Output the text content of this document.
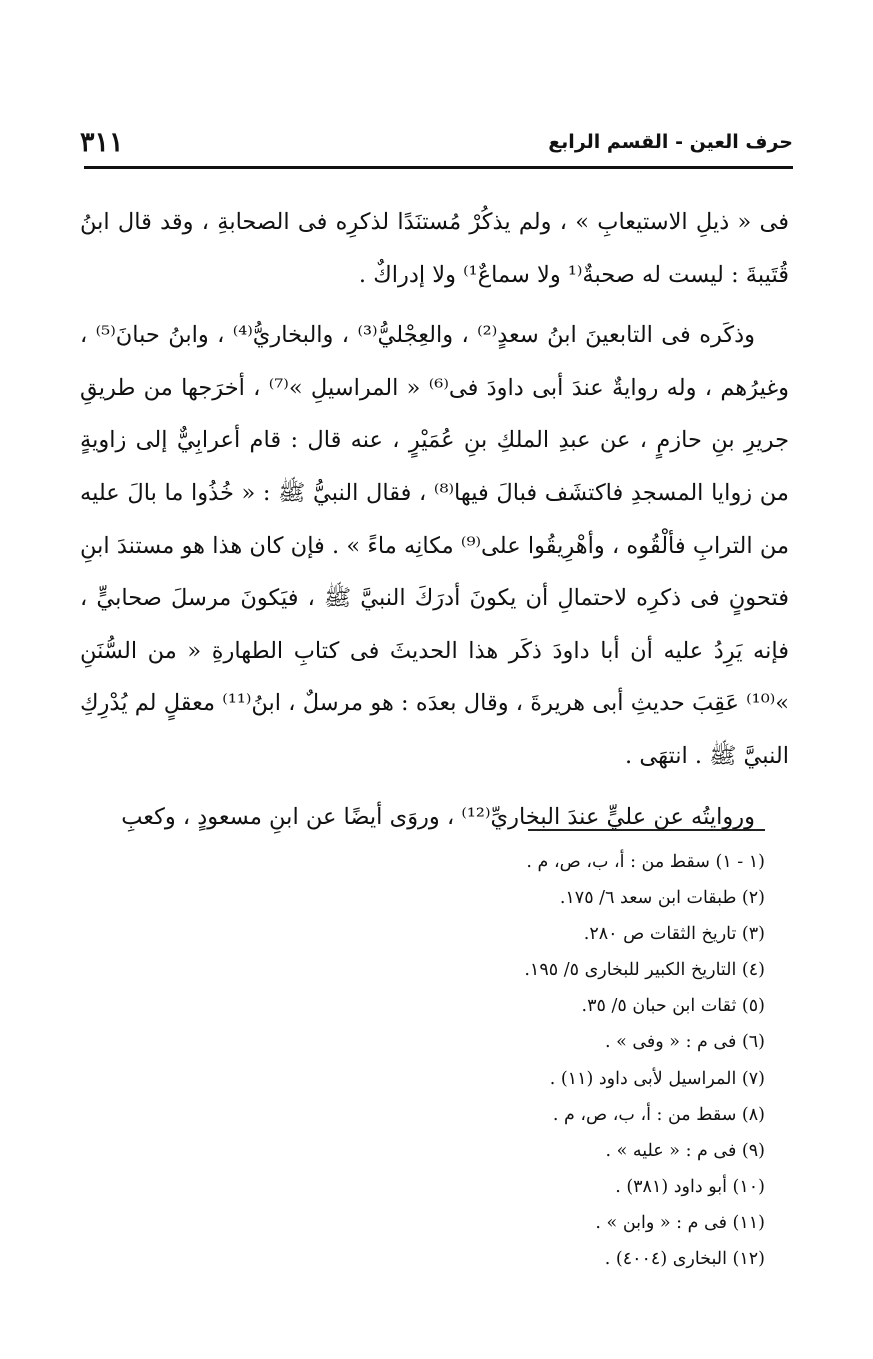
حرف العين - القسم الرابع
٣١١

فى « ذيلِ الاستيعابِ » ، ولم يذكُرْ مُستنَدًا لذكرِه فى الصحابةِ ، وقد قال ابنُ قُتَيبةَ : ليست له صحبةٌ⁽¹ ولا سماعٌ¹⁾ ولا إدراكٌ .

وذكَره فى التابعينَ ابنُ سعدٍ⁽²⁾ ، والعِجْليُّ⁽³⁾ ، والبخاريُّ⁽⁴⁾ ، وابنُ حبانَ⁽⁵⁾ ، وغيرُهم ، وله روايةٌ عندَ أبى داودَ فى⁽⁶⁾ « المراسيلِ »⁽⁷⁾ ، أخرَجها من طريقِ جريرِ بنِ حازمٍ ، عن عبدِ الملكِ بنِ عُمَيْرٍ ، عنه قال : قام أعرابِيٌّ إلى زاويةٍ من زوايا المسجدِ فاكتشَف فبالَ فيها⁽⁸⁾ ، فقال النبيُّ ﷺ : « خُذُوا ما بالَ عليه من الترابِ فألْقُوه ، وأهْرِيقُوا على⁽⁹⁾ مكانِه ماءً » . فإن كان هذا هو مستندَ ابنِ فتحونٍ فى ذكرِه لاحتمالِ أن يكونَ أدرَكَ النبيَّ ﷺ ، فيَكونَ مرسلَ صحابيٍّ ، فإنه يَرِدُ عليه أن أبا داودَ ذكَر هذا الحديثَ فى كتابِ الطهارةِ « من السُّنَنِ »⁽¹⁰⁾ عَقِبَ حديثِ أبى هريرةَ ، وقال بعدَه : هو مرسلٌ ، ابنُ⁽¹¹⁾ معقلٍ لم يُدْرِكِ النبيَّ ﷺ . انتهَى .

وروايتُه عن عليٍّ عندَ البخاريِّ⁽¹²⁾ ، وروَى أيضًا عن ابنِ مسعودٍ ، وكعبِ

(١ - ١) سقط من : أ، ب، ص، م .
(٢) طبقات ابن سعد ٦/ ١٧٥.
(٣) تاريخ الثقات ص ٢٨٠.
(٤) التاريخ الكبير للبخارى ٥/ ١٩٥.
(٥) ثقات ابن حبان ٥/ ٣٥.
(٦) فى م : « وفى » .
(٧) المراسيل لأبى داود (١١) .
(٨) سقط من : أ، ب، ص، م .
(٩) فى م : « عليه » .
(١٠) أبو داود (٣٨١) .
(١١) فى م : « وابن » .
(١٢) البخارى (٤٠٠٤) .
